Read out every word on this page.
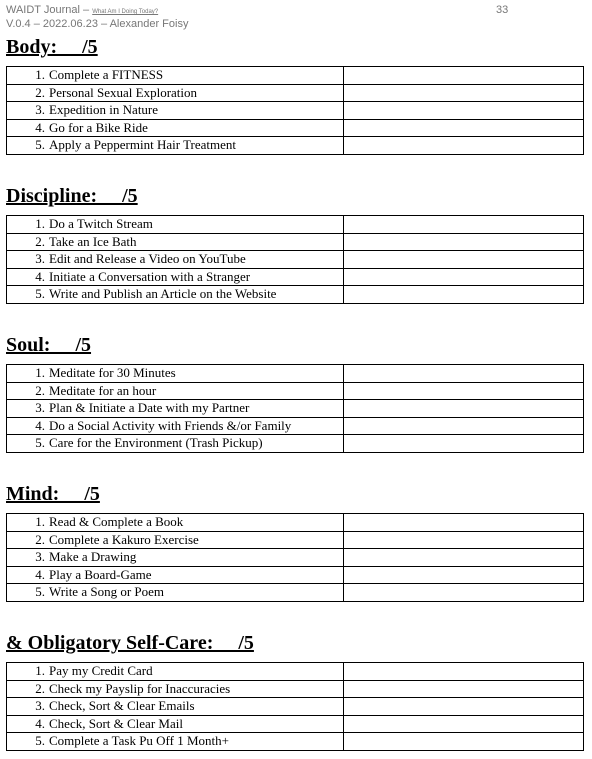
WAIDT Journal – What Am I Doing Today?	33
V.0.4 – 2022.06.23 – Alexander Foisy
Body:     /5
1. Complete a FITNESS	
2. Personal Sexual Exploration	
3. Expedition in Nature	
4. Go for a Bike Ride	
5. Apply a Peppermint Hair Treatment	
Discipline:     /5
1. Do a Twitch Stream	
2. Take an Ice Bath	
3. Edit and Release a Video on YouTube	
4. Initiate a Conversation with a Stranger	
5. Write and Publish an Article on the Website	
Soul:     /5
1. Meditate for 30 Minutes	
2. Meditate for an hour	
3. Plan & Initiate a Date with my Partner	
4. Do a Social Activity with Friends &/or Family	
5. Care for the Environment (Trash Pickup)	
Mind:     /5
1. Read & Complete a Book	
2. Complete a Kakuro Exercise	
3. Make a Drawing	
4. Play a Board-Game	
5. Write a Song or Poem	
& Obligatory Self-Care:     /5
1. Pay my Credit Card	
2. Check my Payslip for Inaccuracies	
3. Check, Sort & Clear Emails	
4. Check, Sort & Clear Mail	
5. Complete a Task Pu Off 1 Month+	
